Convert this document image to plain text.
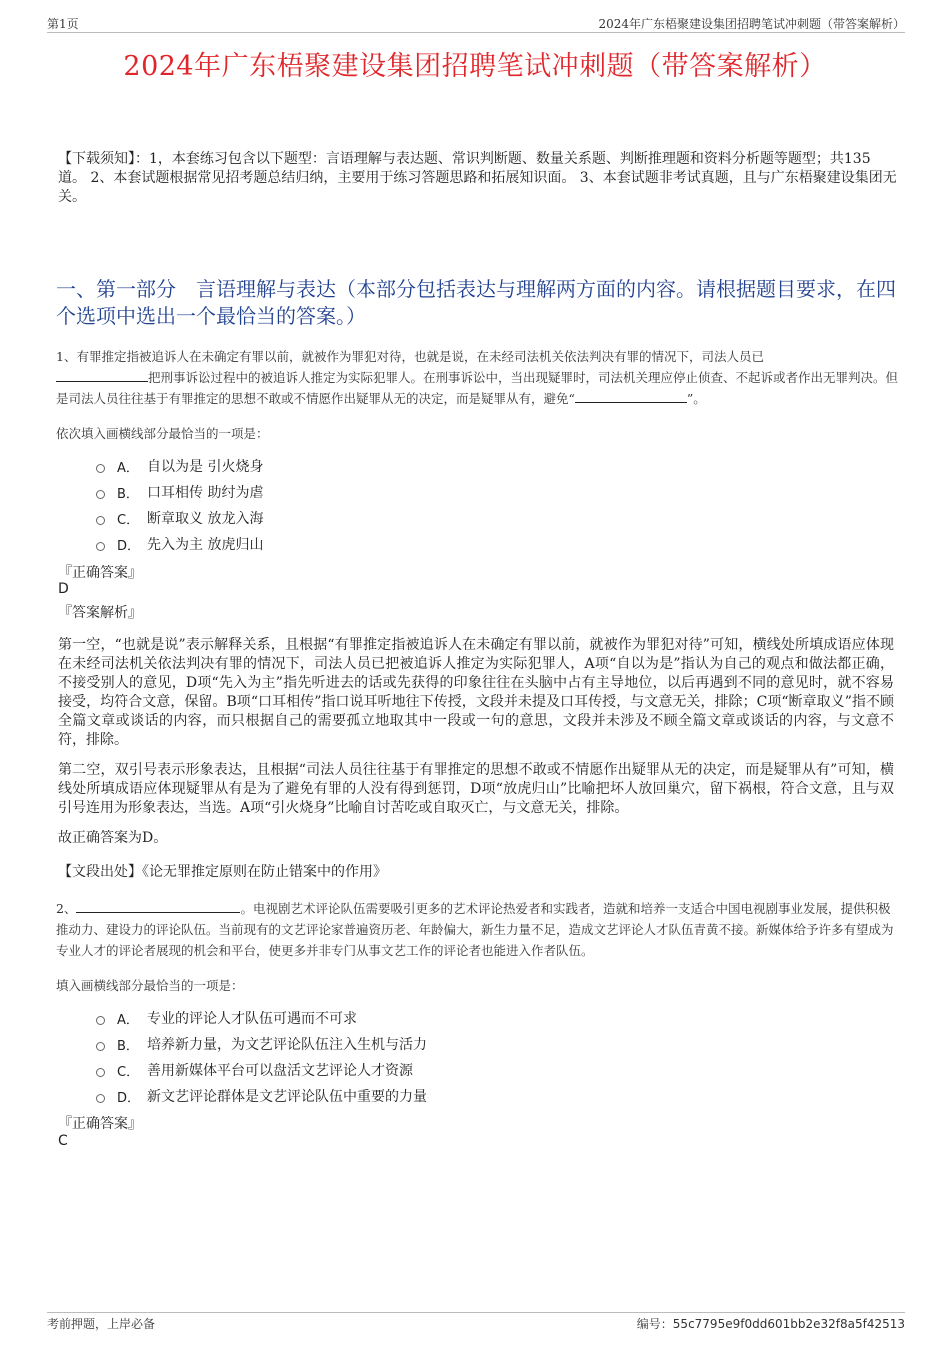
第1页	2024年广东梧聚建设集团招聘笔试冲刺题（带答案解析）
2024年广东梧聚建设集团招聘笔试冲刺题（带答案解析）
【下载须知】：1，本套练习包含以下题型：言语理解与表达题、常识判断题、数量关系题、判断推理题和资料分析题等题型；共135道。 2、本套试题根据常见招考题总结归纳，主要用于练习答题思路和拓展知识面。 3、本套试题非考试真题，且与广东梧聚建设集团无关。
一、第一部分　言语理解与表达（本部分包括表达与理解两方面的内容。请根据题目要求，在四个选项中选出一个最恰当的答案。）
1、有罪推定指被追诉人在未确定有罪以前，就被作为罪犯对待，也就是说，在未经司法机关依法判决有罪的情况下，司法人员已
把刑事诉讼过程中的被追诉人推定为实际犯罪人。在刑事诉讼中，当出现疑罪时，司法机关理应停止侦查、不起诉或者作出无罪判决。但是司法人员往往基于有罪推定的思想不敢或不情愿作出疑罪从无的决定，而是疑罪从有，避免“	”。
依次填入画横线部分最恰当的一项是：
A． 自以为是 引火烧身
B． 口耳相传 助纣为虐
C． 断章取义 放龙入海
D． 先入为主 放虎归山
『正确答案』
D
『答案解析』
第一空，“也就是说”表示解释关系，且根据“有罪推定指被追诉人在未确定有罪以前，就被作为罪犯对待”可知，横线处所填成语应体现在未经司法机关依法判决有罪的情况下，司法人员已把被追诉人推定为实际犯罪人，A项“自以为是”指认为自己的观点和做法都正确，不接受别人的意见，D项“先入为主”指先听进去的话或先获得的印象往往在头脑中占有主导地位，以后再遇到不同的意见时，就不容易接受，均符合文意，保留。B项“口耳相传”指口说耳听地往下传授，文段并未提及口耳传授，与文意无关，排除；C项“断章取义”指不顾全篇文章或谈话的内容，而只根据自己的需要孤立地取其中一段或一句的意思，文段并未涉及不顾全篇文章或谈话的内容，与文意不符，排除。
第二空，双引号表示形象表达，且根据“司法人员往往基于有罪推定的思想不敢或不情愿作出疑罪从无的决定，而是疑罪从有”可知，横线处所填成语应体现疑罪从有是为了避免有罪的人没有得到惩罚，D项“放虎归山”比喻把坏人放回巢穴，留下祸根，符合文意，且与双引号连用为形象表达，当选。A项“引火烧身”比喻自讨苦吃或自取灭亡，与文意无关，排除。
故正确答案为D。
【文段出处】《论无罪推定原则在防止错案中的作用》
2、	。电视剧艺术评论队伍需要吸引更多的艺术评论热爱者和实践者，造就和培养一支适合中国电视剧事业发展，提供积极推动力、建设力的评论队伍。当前现有的文艺评论家普遍资历老、年龄偏大，新生力量不足，造成文艺评论人才队伍青黄不接。新媒体给予许多有望成为专业人才的评论者展现的机会和平台，使更多并非专门从事文艺工作的评论者也能进入作者队伍。
填入画横线部分最恰当的一项是：
A． 专业的评论人才队伍可遇而不可求
B． 培养新力量，为文艺评论队伍注入生机与活力
C． 善用新媒体平台可以盘活文艺评论人才资源
D． 新文艺评论群体是文艺评论队伍中重要的力量
『正确答案』
C
考前押题，上岸必备	编号：55c7795e9f0dd601bb2e32f8a5f42513
